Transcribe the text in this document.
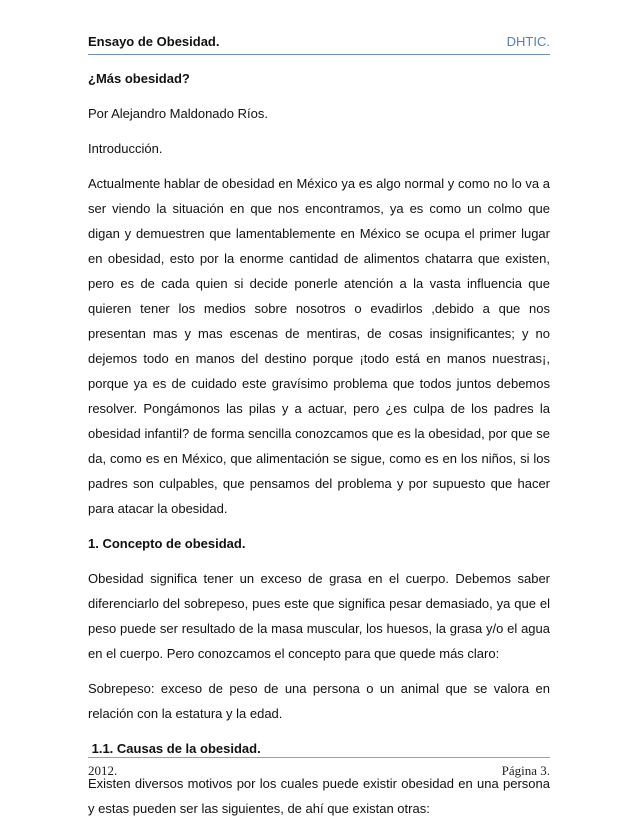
Ensayo de Obesidad.	DHTIC.

¿Más obesidad?

Por Alejandro Maldonado Ríos.

Introducción.

Actualmente hablar de obesidad en México ya es algo normal y como no lo va a ser viendo la situación en que nos encontramos, ya es como un colmo que digan y demuestren que lamentablemente en México se ocupa el primer lugar en obesidad, esto por la enorme cantidad de alimentos chatarra que existen, pero es de cada quien si decide ponerle atención a la vasta influencia que quieren tener los medios sobre nosotros o evadirlos ,debido a que nos presentan mas y mas escenas de mentiras, de cosas insignificantes; y no dejemos todo en manos del destino porque ¡todo está en manos nuestras¡, porque ya es de cuidado este gravísimo problema que todos juntos debemos resolver. Pongámonos las pilas y a actuar, pero ¿es culpa de los padres la obesidad infantil? de forma sencilla conozcamos que es la obesidad, por que se da, como es en México, que alimentación se sigue, como es en los niños, si los padres son culpables, que pensamos del problema y por supuesto que hacer para atacar la obesidad.

1. Concepto de obesidad.

Obesidad significa tener un exceso de grasa en el cuerpo. Debemos saber diferenciarlo del sobrepeso, pues este que significa pesar demasiado, ya que el peso puede ser resultado de la masa muscular, los huesos, la grasa y/o el agua en el cuerpo. Pero conozcamos el concepto para que quede más claro:

Sobrepeso: exceso de peso de una persona o un animal que se valora en relación con la estatura y la edad.

1.1. Causas de la obesidad.

Existen diversos motivos por los cuales puede existir obesidad en una persona y estas pueden ser las siguientes, de ahí que existan otras:

2012.	Página 3.
